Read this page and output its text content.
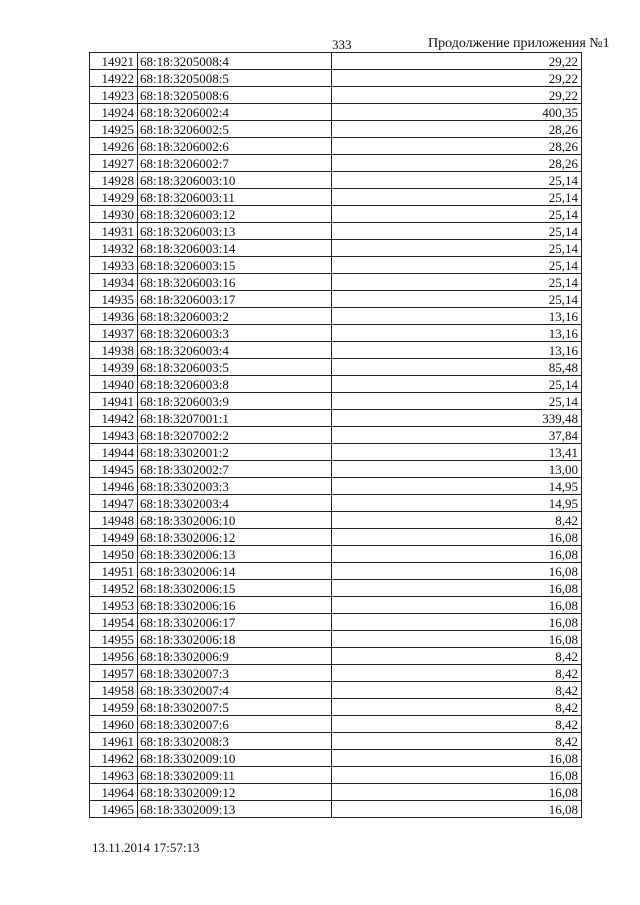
333	Продолжение приложения №1
14921	68:18:3205008:4	29,22
14922	68:18:3205008:5	29,22
14923	68:18:3205008:6	29,22
14924	68:18:3206002:4	400,35
14925	68:18:3206002:5	28,26
14926	68:18:3206002:6	28,26
14927	68:18:3206002:7	28,26
14928	68:18:3206003:10	25,14
14929	68:18:3206003:11	25,14
14930	68:18:3206003:12	25,14
14931	68:18:3206003:13	25,14
14932	68:18:3206003:14	25,14
14933	68:18:3206003:15	25,14
14934	68:18:3206003:16	25,14
14935	68:18:3206003:17	25,14
14936	68:18:3206003:2	13,16
14937	68:18:3206003:3	13,16
14938	68:18:3206003:4	13,16
14939	68:18:3206003:5	85,48
14940	68:18:3206003:8	25,14
14941	68:18:3206003:9	25,14
14942	68:18:3207001:1	339,48
14943	68:18:3207002:2	37,84
14944	68:18:3302001:2	13,41
14945	68:18:3302002:7	13,00
14946	68:18:3302003:3	14,95
14947	68:18:3302003:4	14,95
14948	68:18:3302006:10	8,42
14949	68:18:3302006:12	16,08
14950	68:18:3302006:13	16,08
14951	68:18:3302006:14	16,08
14952	68:18:3302006:15	16,08
14953	68:18:3302006:16	16,08
14954	68:18:3302006:17	16,08
14955	68:18:3302006:18	16,08
14956	68:18:3302006:9	8,42
14957	68:18:3302007:3	8,42
14958	68:18:3302007:4	8,42
14959	68:18:3302007:5	8,42
14960	68:18:3302007:6	8,42
14961	68:18:3302008:3	8,42
14962	68:18:3302009:10	16,08
14963	68:18:3302009:11	16,08
14964	68:18:3302009:12	16,08
14965	68:18:3302009:13	16,08
13.11.2014 17:57:13
